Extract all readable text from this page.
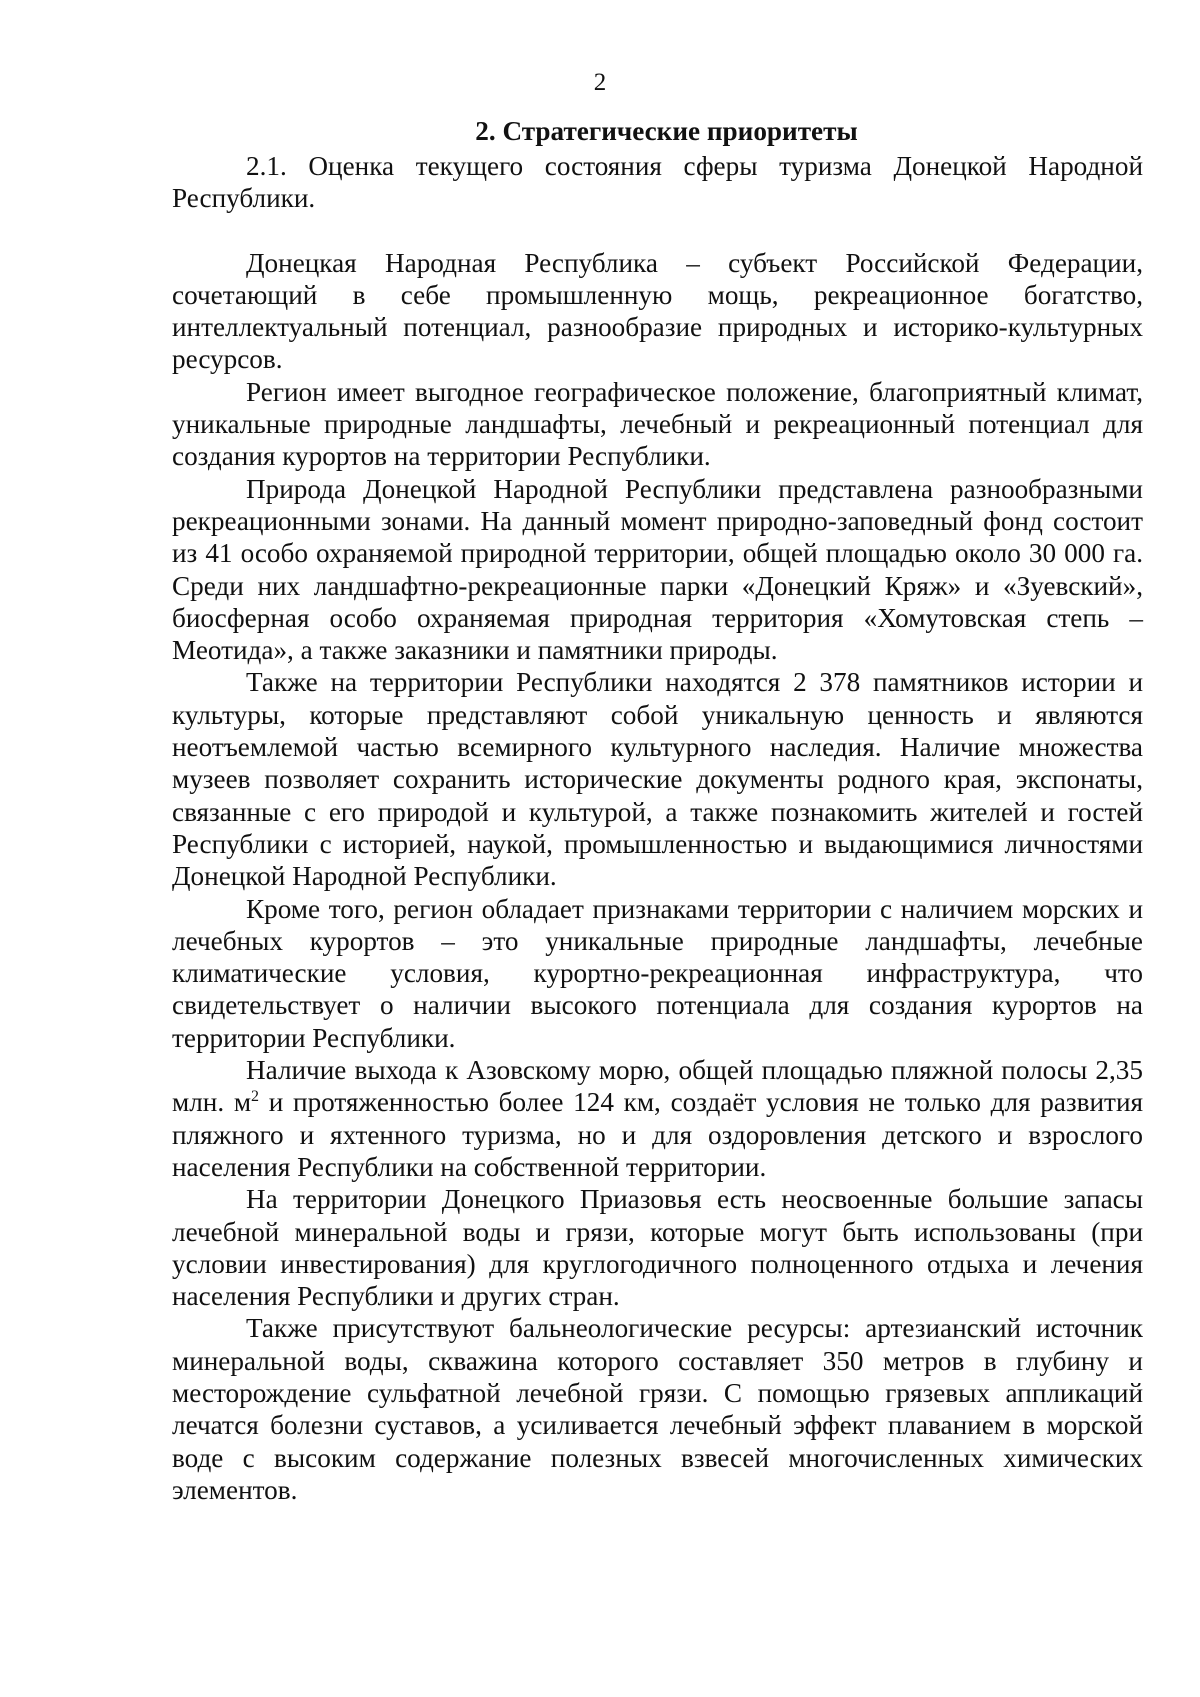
2
2. Стратегические приоритеты

2.1. Оценка текущего состояния сферы туризма Донецкой Народной Республики.

Донецкая Народная Республика – субъект Российской Федерации, сочетающий в себе промышленную мощь, рекреационное богатство, интеллектуальный потенциал, разнообразие природных и историко-культурных ресурсов.

Регион имеет выгодное географическое положение, благоприятный климат, уникальные природные ландшафты, лечебный и рекреационный потенциал для создания курортов на территории Республики.

Природа Донецкой Народной Республики представлена разнообразными рекреационными зонами. На данный момент природно-заповедный фонд состоит из 41 особо охраняемой природной территории, общей площадью около 30 000 га. Среди них ландшафтно-рекреационные парки «Донецкий Кряж» и «Зуевский», биосферная особо охраняемая природная территория «Хомутовская степь – Меотида», а также заказники и памятники природы.

Также на территории Республики находятся 2 378 памятников истории и культуры, которые представляют собой уникальную ценность и являются неотъемлемой частью всемирного культурного наследия. Наличие множества музеев позволяет сохранить исторические документы родного края, экспонаты, связанные с его природой и культурой, а также познакомить жителей и гостей Республики с историей, наукой, промышленностью и выдающимися личностями Донецкой Народной Республики.

Кроме того, регион обладает признаками территории с наличием морских и лечебных курортов – это уникальные природные ландшафты, лечебные климатические условия, курортно-рекреационная инфраструктура, что свидетельствует о наличии высокого потенциала для создания курортов на территории Республики.

Наличие выхода к Азовскому морю, общей площадью пляжной полосы 2,35 млн. $м^2$ и протяженностью более 124 км, создаёт условия не только для развития пляжного и яхтенного туризма, но и для оздоровления детского и взрослого населения Республики на собственной территории.

На территории Донецкого Приазовья есть неосвоенные большие запасы лечебной минеральной воды и грязи, которые могут быть использованы (при условии инвестирования) для круглогодичного полноценного отдыха и лечения населения Республики и других стран.

Также присутствуют бальнеологические ресурсы: артезианский источник минеральной воды, скважина которого составляет 350 метров в глубину и месторождение сульфатной лечебной грязи. С помощью грязевых аппликаций лечатся болезни суставов, а усиливается лечебный эффект плаванием в морской воде с высоким содержание полезных взвесей многочисленных химических элементов.
